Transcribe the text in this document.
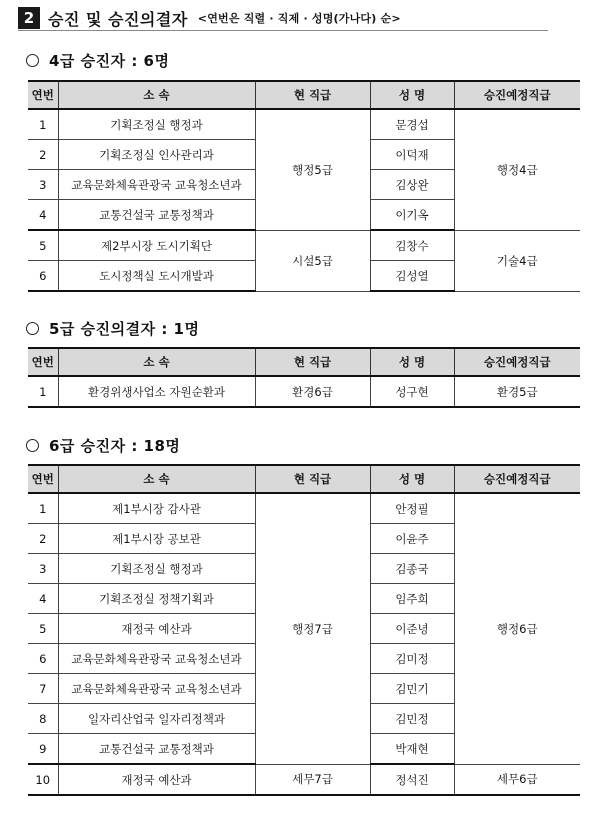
2 승진 및 승진의결자 <연번은 직렬 · 직제 · 성명(가나다) 순>
4급 승진자 : 6명
연번	소 속	현 직급	성 명	승진예정직급
1	기획조정실 행정과	행정5급	문경섭	행정4급
2	기획조정실 인사관리과		이덕재	
3	교육문화체육관광국 교육청소년과		김상완	
4	교통건설국 교통정책과		이기옥	
5	제2부시장 도시기획단	시설5급	김창수	기술4급
6	도시정책실 도시개발과		김성열	
5급 승진의결자 : 1명
연번	소 속	현 직급	성 명	승진예정직급
1	환경위생사업소 자원순환과	환경6급	성구현	환경5급
6급 승진자 : 18명
연번	소 속	현 직급	성 명	승진예정직급
1	제1부시장 감사관	행정7급	안정필	행정6급
2	제1부시장 공보관		이윤주	
3	기획조정실 행정과		김종국	
4	기획조정실 정책기획과		임주희	
5	재정국 예산과		이준녕	
6	교육문화체육관광국 교육청소년과		김미정	
7	교육문화체육관광국 교육청소년과		김민기	
8	일자리산업국 일자리정책과		김민정	
9	교통건설국 교통정책과		박재현	
10	재정국 예산과	세무7급	정석진	세무6급
